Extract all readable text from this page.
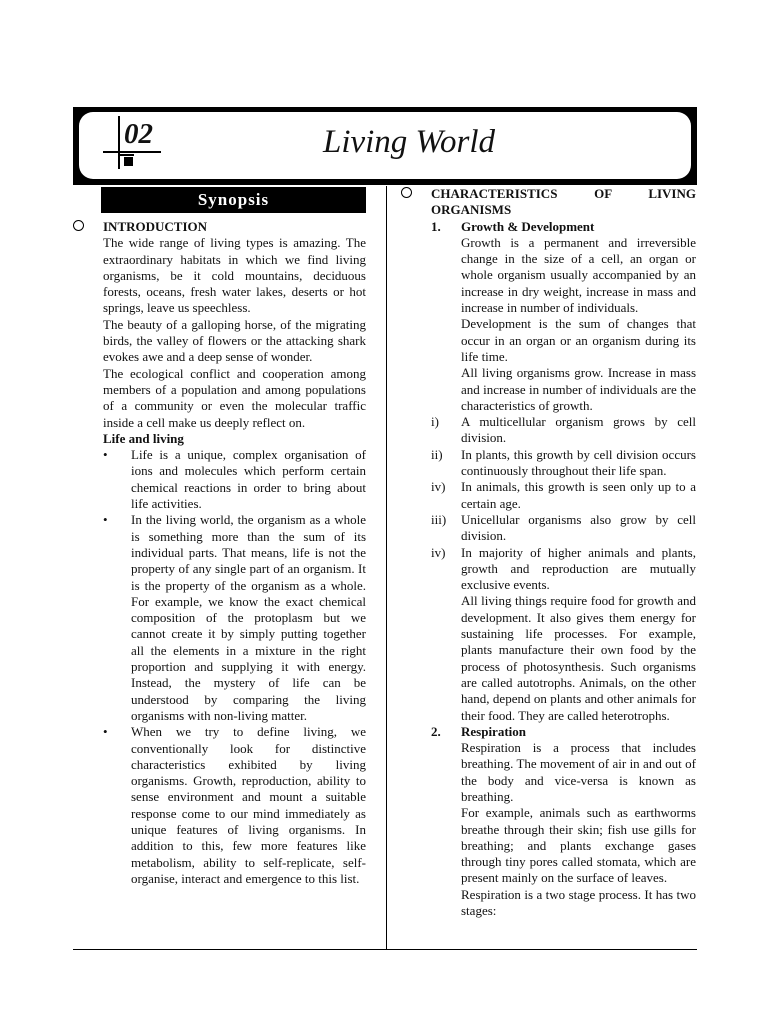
02	Living World
Synopsis
INTRODUCTION
The wide range of living types is amazing. The extraordinary habitats in which we find living organisms, be it cold mountains, deciduous forests, oceans, fresh water lakes, deserts or hot springs, leave us speechless.
The beauty of a galloping horse, of the migrating birds, the valley of flowers or the attacking shark evokes awe and a deep sense of wonder.
The ecological conflict and cooperation among members of a population and among populations of a community or even the molecular traffic inside a cell make us deeply reflect on.
Life and living
• Life is a unique, complex organisation of ions and molecules which perform certain chemical reactions in order to bring about life activities.
• In the living world, the organism as a whole is something more than the sum of its individual parts. That means, life is not the property of any single part of an organism. It is the property of the organism as a whole. For example, we know the exact chemical composition of the protoplasm but we cannot create it by simply putting together all the elements in a mixture in the right proportion and supplying it with energy. Instead, the mystery of life can be understood by comparing the living organisms with non-living matter.
• When we try to define living, we conventionally look for distinctive characteristics exhibited by living organisms. Growth, reproduction, ability to sense environment and mount a suitable response come to our mind immediately as unique features of living organisms. In addition to this, few more features like metabolism, ability to self-replicate, self-organise, interact and emergence to this list.
CHARACTERISTICS OF LIVING ORGANISMS
1. Growth & Development
Growth is a permanent and irreversible change in the size of a cell, an organ or whole organism usually accompanied by an increase in dry weight, increase in mass and increase in number of individuals.
Development is the sum of changes that occur in an organ or an organism during its life time.
All living organisms grow. Increase in mass and increase in number of individuals are the characteristics of growth.
i) A multicellular organism grows by cell division.
ii) In plants, this growth by cell division occurs continuously throughout their life span.
iv) In animals, this growth is seen only up to a certain age.
iii) Unicellular organisms also grow by cell division.
iv) In majority of higher animals and plants, growth and reproduction are mutually exclusive events.
All living things require food for growth and development. It also gives them energy for sustaining life processes. For example, plants manufacture their own food by the process of photosynthesis. Such organisms are called autotrophs. Animals, on the other hand, depend on plants and other animals for their food. They are called heterotrophs.
2. Respiration
Respiration is a process that includes breathing. The movement of air in and out of the body and vice-versa is known as breathing.
For example, animals such as earthworms breathe through their skin; fish use gills for breathing; and plants exchange gases through tiny pores called stomata, which are present mainly on the surface of leaves.
Respiration is a two stage process. It has two stages:
